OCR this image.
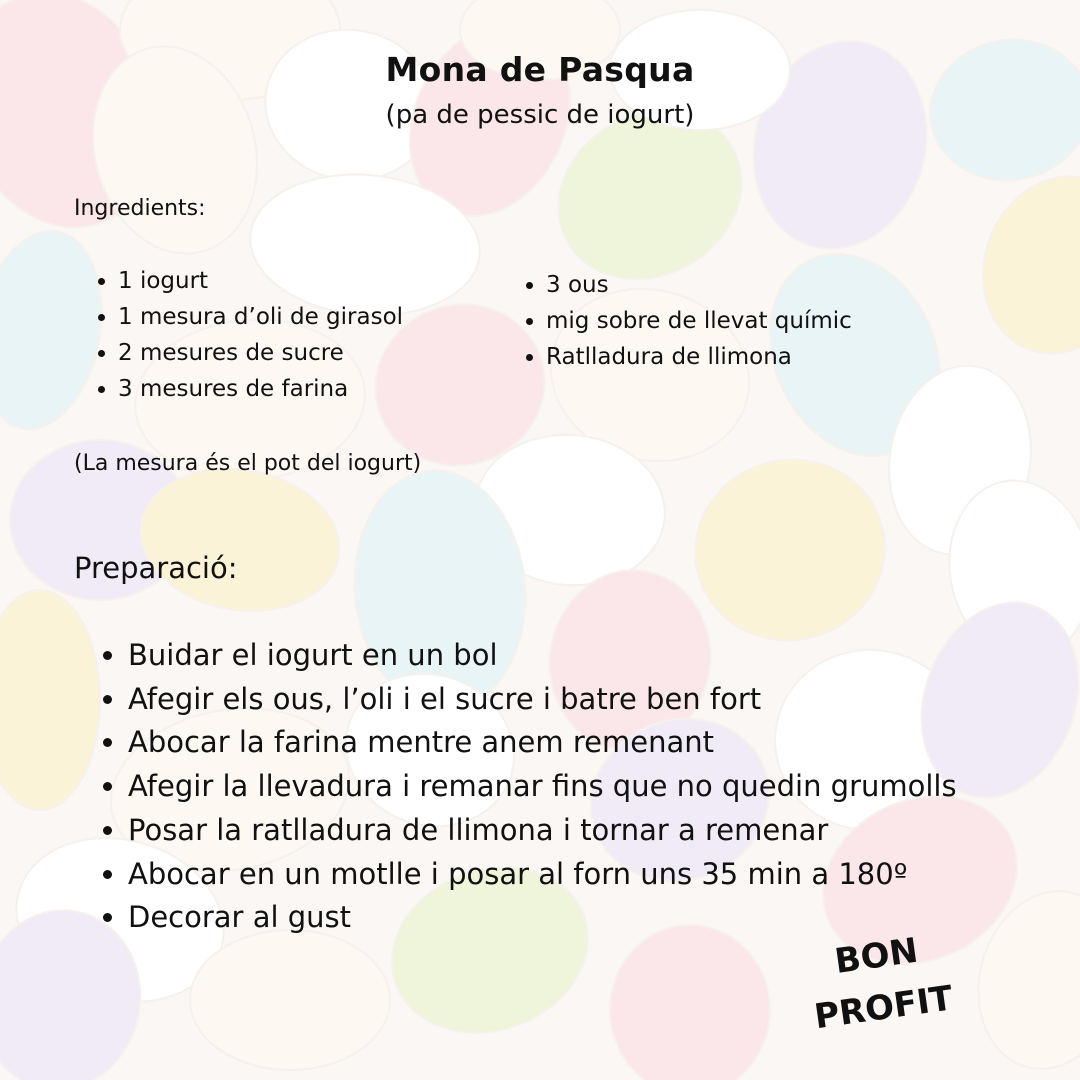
Mona de Pasqua
(pa de pessic de iogurt)
Ingredients:
• 1 iogurt
• 1 mesura d’oli de girasol
• 2 mesures de sucre
• 3 mesures de farina
• 3 ous
• mig sobre de llevat químic
• Ratlladura de llimona
(La mesura és el pot del iogurt)
Preparació:
• Buidar el iogurt en un bol
• Afegir els ous, l’oli i el sucre i batre ben fort
• Abocar la farina mentre anem remenant
• Afegir la llevadura i remanar fins que no quedin grumolls
• Posar la ratlladura de llimona i tornar a remenar
• Abocar en un motlle i posar al forn uns 35 min a 180º
• Decorar al gust
BON
PROFIT
